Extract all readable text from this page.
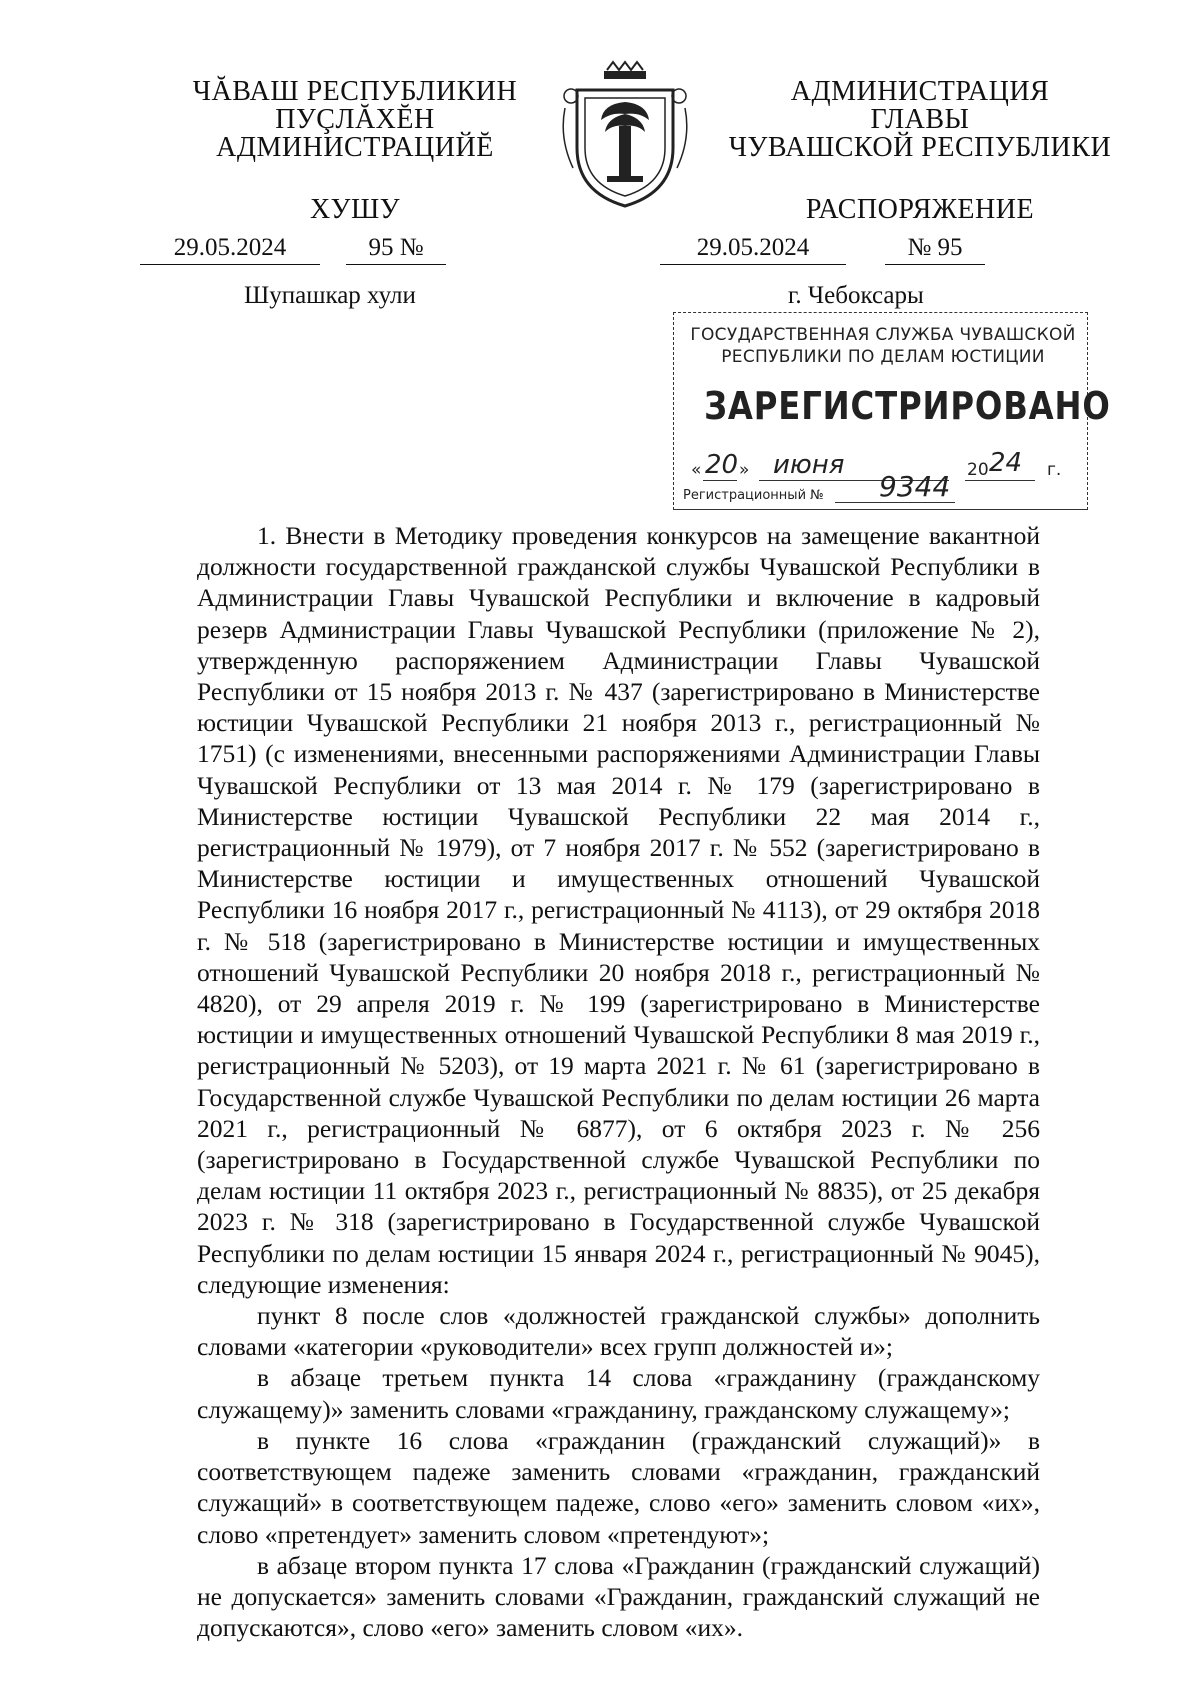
ЧĂВАШ РЕСПУБЛИКИН
ПУÇЛĂХĔН
АДМИНИСТРАЦИЙĔ
ХУШУ
АДМИНИСТРАЦИЯ
ГЛАВЫ
ЧУВАШСКОЙ РЕСПУБЛИКИ
РАСПОРЯЖЕНИЕ
29.05.2024	95 №	29.05.2024	№ 95
Шупашкар хули	г. Чебоксары
ГОСУДАРСТВЕННАЯ СЛУЖБА ЧУВАШСКОЙ
РЕСПУБЛИКИ ПО ДЕЛАМ ЮСТИЦИИ
ЗАРЕГИСТРИРОВАНО
« 20 » июня	20 24 г.
Регистрационный № 9344

1. Внести в Методику проведения конкурсов на замещение вакантной должности государственной гражданской службы Чувашской Республики в Администрации Главы Чувашской Республики и включение в кадровый резерв Администрации Главы Чувашской Республики (приложение № 2), утвержденную распоряжением Администрации Главы Чувашской Республики от 15 ноября 2013 г. № 437 (зарегистрировано в Министерстве юстиции Чувашской Республики 21 ноября 2013 г., регистрационный № 1751) (с изменениями, внесенными распоряжениями Администрации Главы Чувашской Республики от 13 мая 2014 г. № 179 (зарегистрировано в Министерстве юстиции Чувашской Республики 22 мая 2014 г., регистрационный № 1979), от 7 ноября 2017 г. № 552 (зарегистрировано в Министерстве юстиции и имущественных отношений Чувашской Республики 16 ноября 2017 г., регистрационный № 4113), от 29 октября 2018 г. № 518 (зарегистрировано в Министерстве юстиции и имущественных отношений Чувашской Республики 20 ноября 2018 г., регистрационный № 4820), от 29 апреля 2019 г. № 199 (зарегистрировано в Министерстве юстиции и имущественных отношений Чувашской Республики 8 мая 2019 г., регистрационный № 5203), от 19 марта 2021 г. № 61 (зарегистрировано в Государственной службе Чувашской Республики по делам юстиции 26 марта 2021 г., регистрационный № 6877), от 6 октября 2023 г. № 256 (зарегистрировано в Государственной службе Чувашской Республики по делам юстиции 11 октября 2023 г., регистрационный № 8835), от 25 декабря 2023 г. № 318 (зарегистрировано в Государственной службе Чувашской Республики по делам юстиции 15 января 2024 г., регистрационный № 9045), следующие изменения:

пункт 8 после слов «должностей гражданской службы» дополнить словами «категории «руководители» всех групп должностей и»;

в абзаце третьем пункта 14 слова «гражданину (гражданскому служащему)» заменить словами «гражданину, гражданскому служащему»;

в пункте 16 слова «гражданин (гражданский служащий)» в соответствующем падеже заменить словами «гражданин, гражданский служащий» в соответствующем падеже, слово «его» заменить словом «их», слово «претендует» заменить словом «претендуют»;

в абзаце втором пункта 17 слова «Гражданин (гражданский служащий) не допускается» заменить словами «Гражданин, гражданский служащий не допускаются», слово «его» заменить словом «их».
